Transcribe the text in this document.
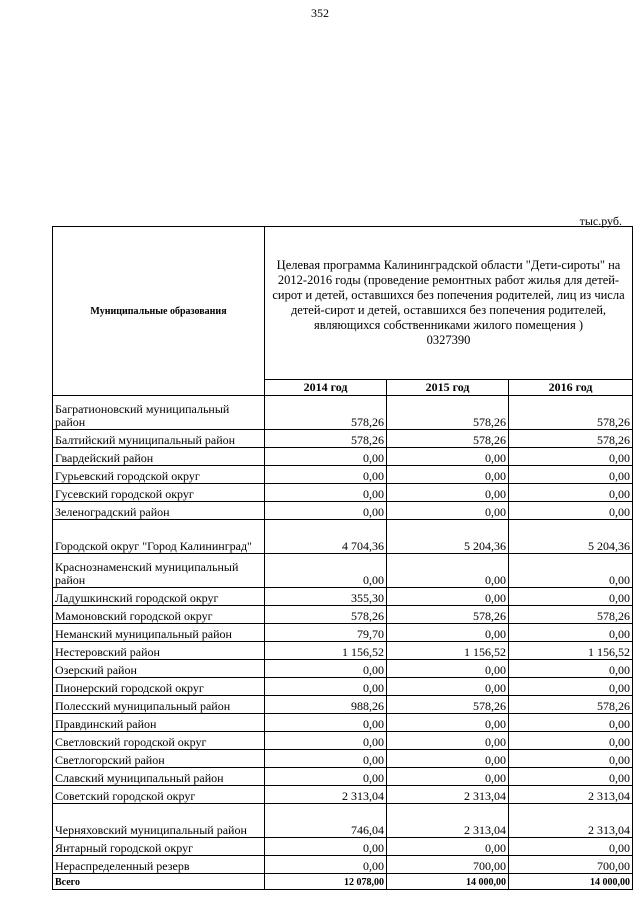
352
тыс.руб.
Муниципальные образования	Целевая программа Калининградской области "Дети-сироты" на 2012-2016 годы (проведение ремонтных работ жилья для детей-сирот и детей, оставшихся без попечения родителей, лиц из числа детей-сирот и детей, оставшихся без попечения родителей, являющихся собственниками жилого помещения )
0327390		

	2014 год	2015 год	2016 год
Багратионовский муниципальный район	578,26	578,26	578,26
Балтийский муниципальный район	578,26	578,26	578,26
Гвардейский район	0,00	0,00	0,00
Гурьевский городской округ	0,00	0,00	0,00
Гусевский городской округ	0,00	0,00	0,00
Зеленоградский район	0,00	0,00	0,00
Городской округ "Город Калининград"	4 704,36	5 204,36	5 204,36
Краснознаменский муниципальный район	0,00	0,00	0,00
Ладушкинский городской округ	355,30	0,00	0,00
Мамоновский городской округ	578,26	578,26	578,26
Неманский муниципальный район	79,70	0,00	0,00
Нестеровский район	1 156,52	1 156,52	1 156,52
Озерский район	0,00	0,00	0,00
Пионерский городской округ	0,00	0,00	0,00
Полесский муниципальный район	988,26	578,26	578,26
Правдинский район	0,00	0,00	0,00
Светловский городской округ	0,00	0,00	0,00
Светлогорский район	0,00	0,00	0,00
Славский муниципальный район	0,00	0,00	0,00
Советский городской округ	2 313,04	2 313,04	2 313,04
Черняховский муниципальный район	746,04	2 313,04	2 313,04
Янтарный городской округ	0,00	0,00	0,00
Нераспределенный резерв	0,00	700,00	700,00
Всего	12 078,00	14 000,00	14 000,00
